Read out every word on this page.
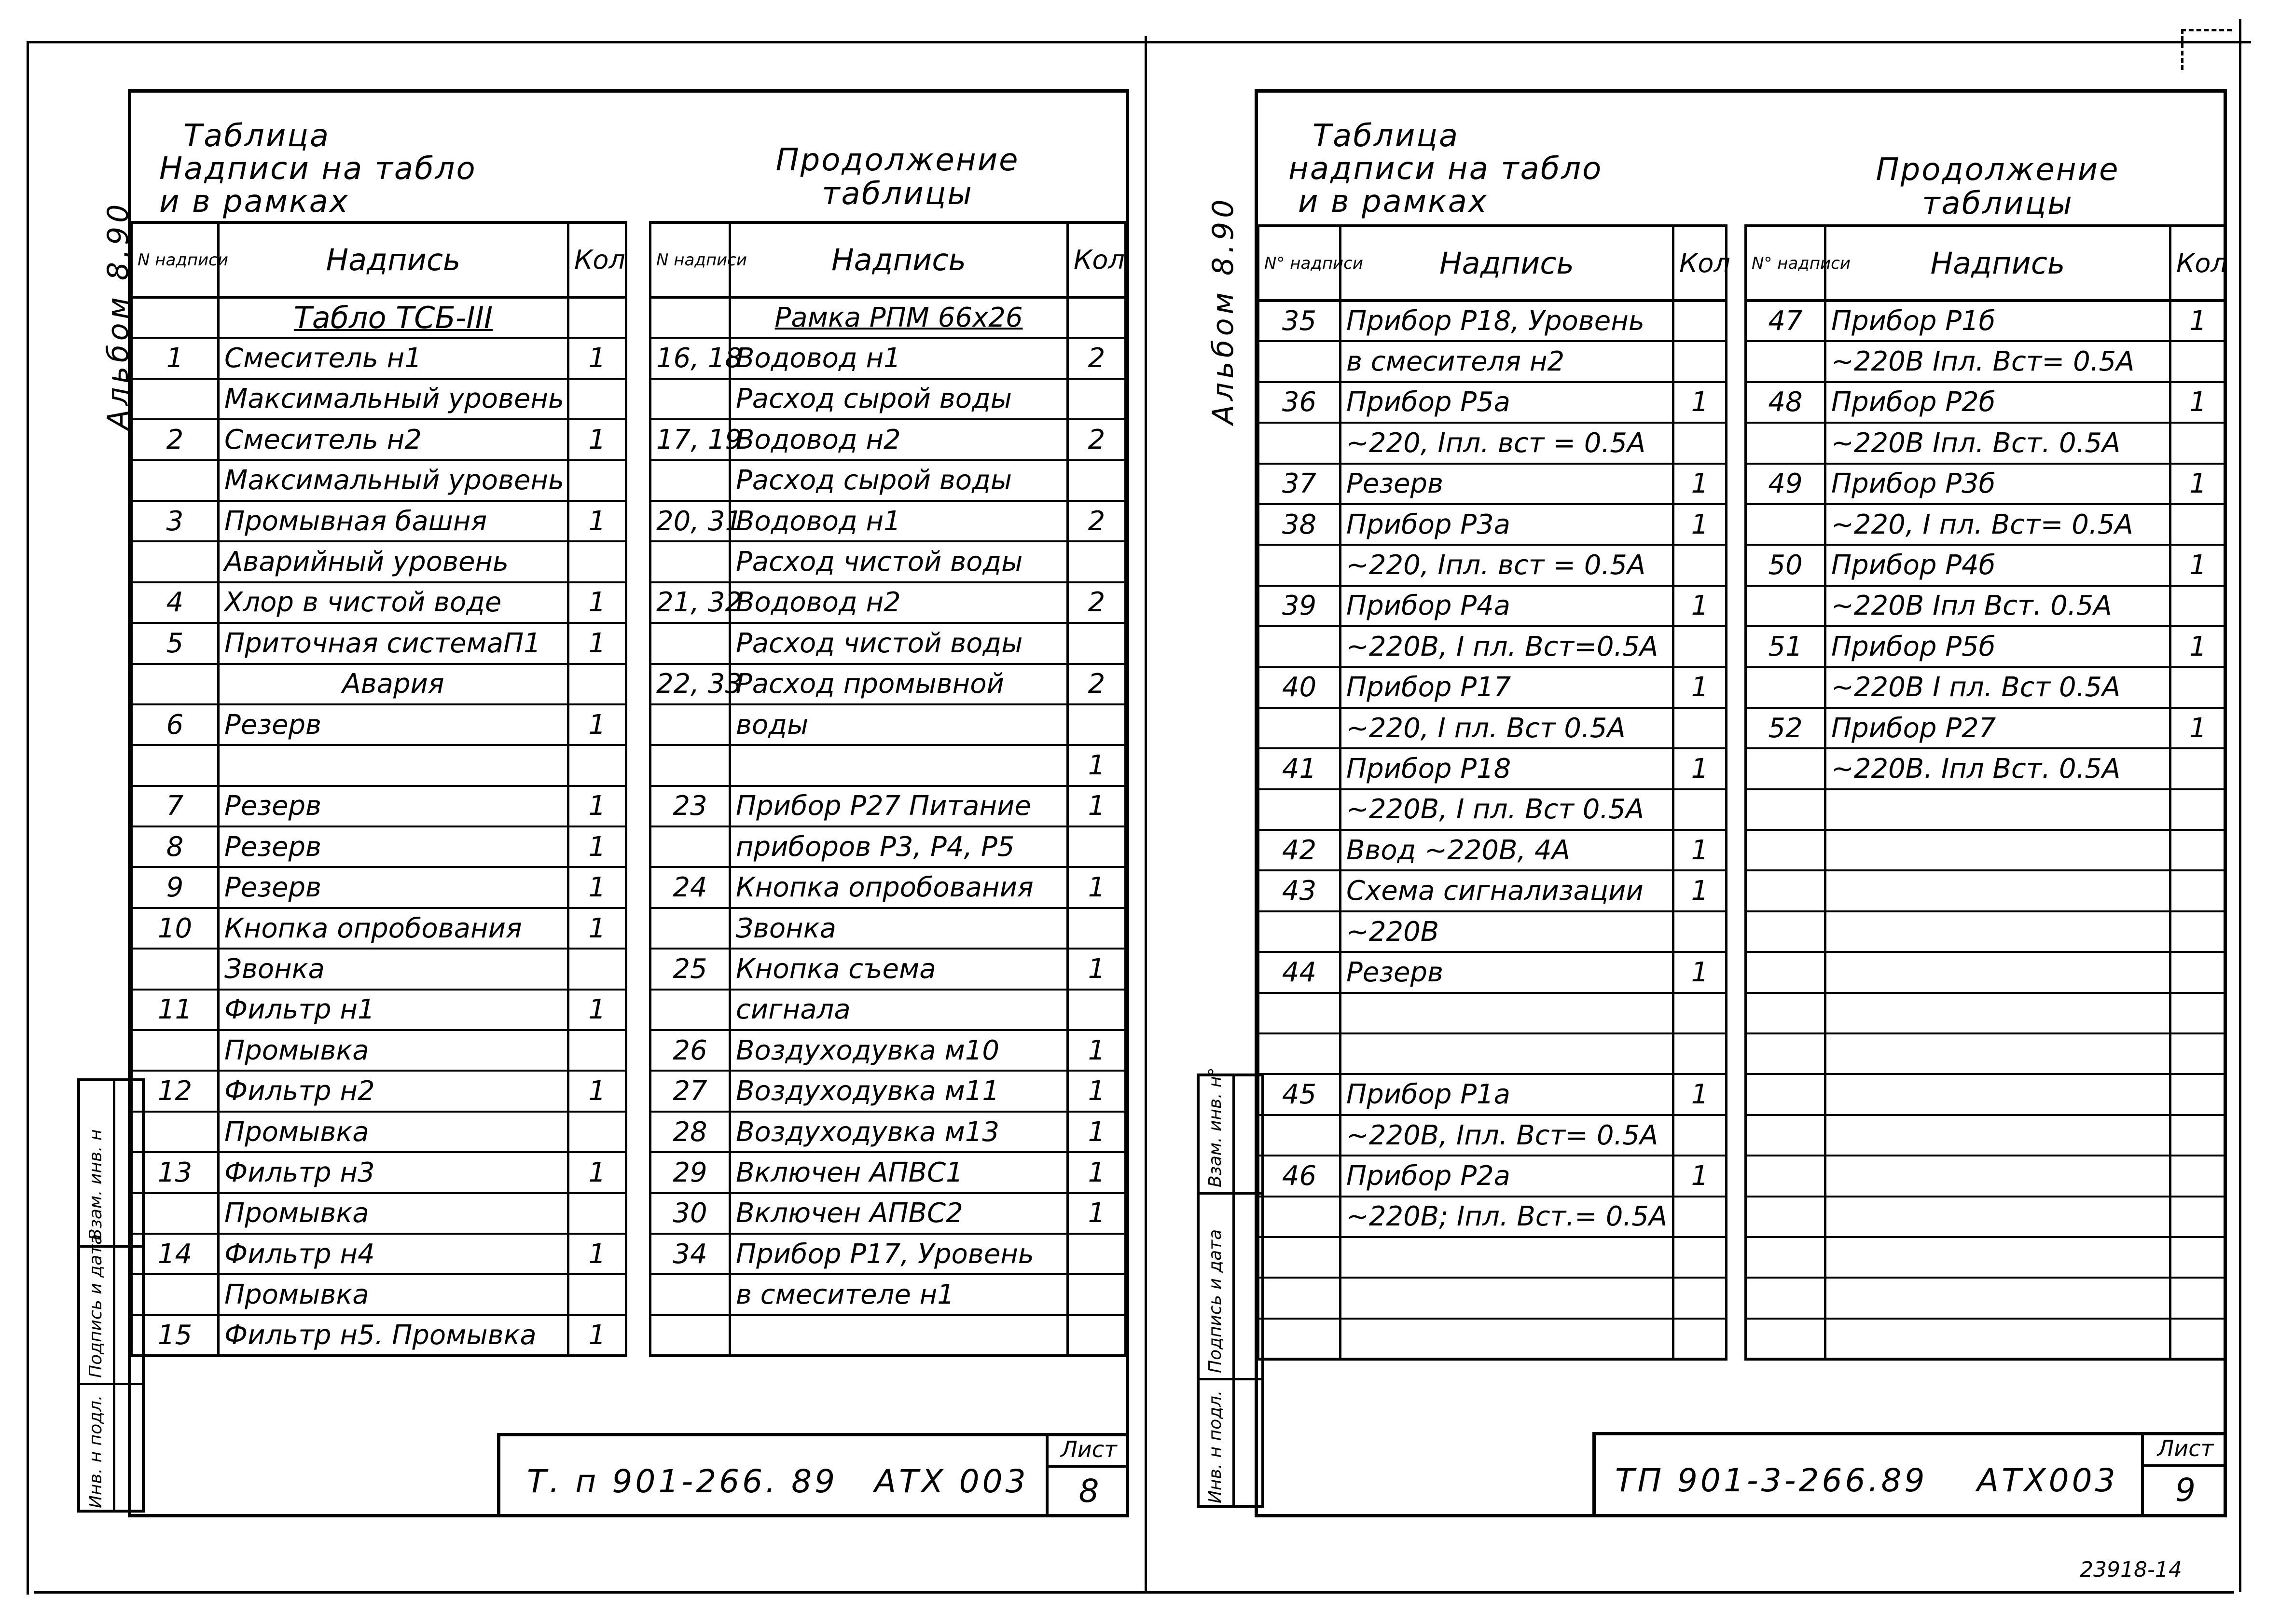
Альбом 8.90
Таблица
Надписи на табло
и в рамках
Продолжение
таблицы
N надписи	Надпись	Кол
	Табло ТСБ-III	
1	Смеситель н1	1
	Максимальный уровень	
2	Смеситель н2	1
	Максимальный уровень	
3	Промывная башня	1
	Аварийный уровень	
4	Хлор в чистой воде	1
5	Приточная системаП1	1
	Авария	
6	Резерв	1

7	Резерв	1
8	Резерв	1
9	Резерв	1
10	Кнопка опробования	1
	Звонка	
11	Фильтр н1	1
	Промывка	
12	Фильтр н2	1
	Промывка	
13	Фильтр н3	1
	Промывка	
14	Фильтр н4	1
	Промывка	
15	Фильтр н5. Промывка	1
N надписи	Надпись	Кол
	Рамка РПМ 66х26	
16, 18	Водовод н1	2
	Расход сырой воды	
17, 19	Водовод н2	2
	Расход сырой воды	
20, 31	Водовод н1	2
	Расход чистой воды	
21, 32	Водовод н2	2
	Расход чистой воды	
22, 33	Расход промывной	2
	воды	
		1
23	Прибор Р27 Питание	1
	приборов Р3, Р4, Р5	
24	Кнопка опробования	1
	Звонка	
25	Кнопка съема	1
	сигнала	
26	Воздуходувка м10	1
27	Воздуходувка м11	1
28	Воздуходувка м13	1
29	Включен АПВС1	1
30	Включен АПВС2	1
34	Прибор Р17, Уровень	
	в смесителе н1	

Т. п 901-266. 89 АТХ 003
Лист
8
Инв. н подл.
Подпись и дата
Взам. инв. н
Альбом 8.90
Таблица
надписи на табло
и в рамках
Продолжение
таблицы
N° надписи	Надпись	Кол
35	Прибор Р18, Уровень	
	в смесителя н2	
36	Прибор Р5а	1
	~220, Iпл. вст = 0.5А	
37	Резерв	1
38	Прибор Р3а	1
	~220, Iпл. вст = 0.5А	
39	Прибор Р4а	1
	~220В, I пл. Вст=0.5А	
40	Прибор Р17	1
	~220, I пл. Вст 0.5А	
41	Прибор Р18	1
	~220В, I пл. Вст 0.5А	
42	Ввод ~220В, 4А	1
43	Схема сигнализации	1
	~220В	
44	Резерв	1

45	Прибор Р1а	1
	~220В, Iпл. Вст= 0.5А	
46	Прибор Р2а	1
	~220В; Iпл. Вст.= 0.5А	

N° надписи	Надпись	Кол
47	Прибор Р1б	1
	~220В Iпл. Вст= 0.5А	
48	Прибор Р2б	1
	~220В Iпл. Вст. 0.5А	
49	Прибор Р3б	1
	~220, I пл. Вст= 0.5А	
50	Прибор Р4б	1
	~220В Iпл Вст. 0.5А	
51	Прибор Р5б	1
	~220В I пл. Вст 0.5А	
52	Прибор Р27	1
	~220В. Iпл Вст. 0.5А	

ТП 901-3-266.89 АТХ003
Лист
9
Инв. н подл.
Подпись и дата
Взам. инв. н°
23918-14
